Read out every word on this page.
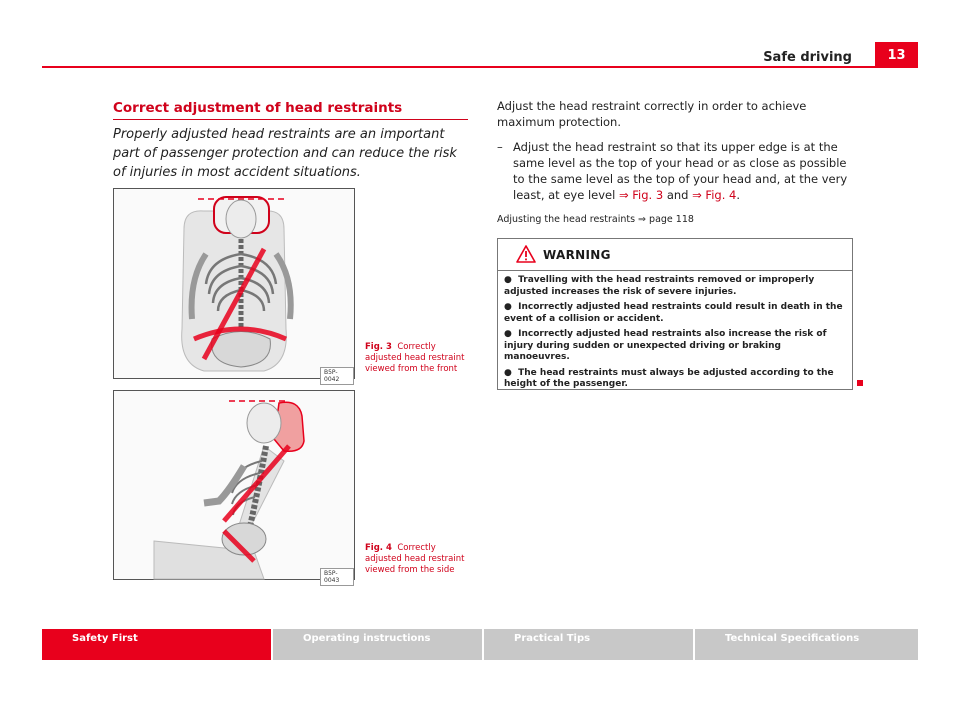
Safe driving	13
Correct adjustment of head restraints
Properly adjusted head restraints are an important part of passenger protection and can reduce the risk of injuries in most accident situations.
B5P-0042
Fig. 3 Correctly adjusted head restraint viewed from the front
B5P-0043
Fig. 4 Correctly adjusted head restraint viewed from the side
Adjust the head restraint correctly in order to achieve maximum protection.
– Adjust the head restraint so that its upper edge is at the same level as the top of your head or as close as possible to the same level as the top of your head and, at the very least, at eye level ⇒ Fig. 3 and ⇒ Fig. 4.
Adjusting the head restraints ⇒ page 118
WARNING
●  Travelling with the head restraints removed or improperly adjusted increases the risk of severe injuries.
●  Incorrectly adjusted head restraints could result in death in the event of a collision or accident.
●  Incorrectly adjusted head restraints also increase the risk of injury during sudden or unexpected driving or braking manoeuvres.
●  The head restraints must always be adjusted according to the height of the passenger.
Safety First	Operating instructions	Practical Tips	Technical Specifications
